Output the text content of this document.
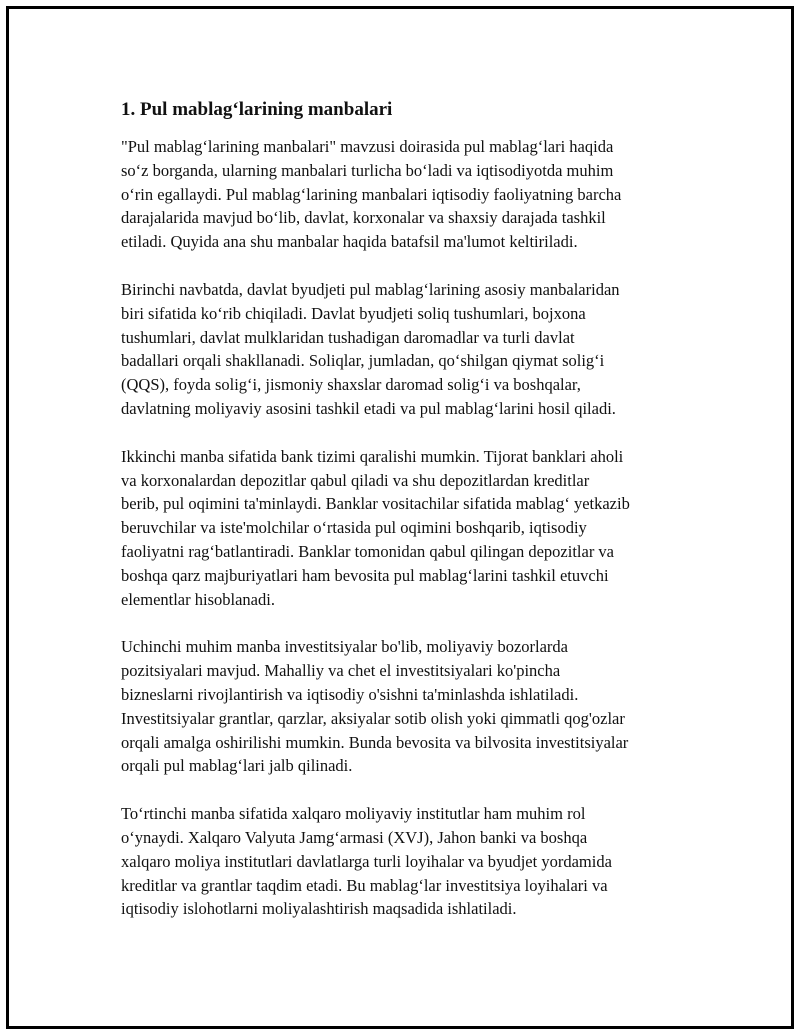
1. Pul mablag‘larining manbalari

"Pul mablag‘larining manbalari" mavzusi doirasida pul mablag‘lari haqida
so‘z borganda, ularning manbalari turlicha bo‘ladi va iqtisodiyotda muhim
o‘rin egallaydi. Pul mablag‘larining manbalari iqtisodiy faoliyatning barcha
darajalarida mavjud bo‘lib, davlat, korxonalar va shaxsiy darajada tashkil
etiladi. Quyida ana shu manbalar haqida batafsil ma'lumot keltiriladi.

Birinchi navbatda, davlat byudjeti pul mablag‘larining asosiy manbalaridan
biri sifatida ko‘rib chiqiladi. Davlat byudjeti soliq tushumlari, bojxona
tushumlari, davlat mulklaridan tushadigan daromadlar va turli davlat
badallari orqali shakllanadi. Soliqlar, jumladan, qo‘shilgan qiymat solig‘i
(QQS), foyda solig‘i, jismoniy shaxslar daromad solig‘i va boshqalar,
davlatning moliyaviy asosini tashkil etadi va pul mablag‘larini hosil qiladi.

Ikkinchi manba sifatida bank tizimi qaralishi mumkin. Tijorat banklari aholi
va korxonalardan depozitlar qabul qiladi va shu depozitlardan kreditlar
berib, pul oqimini ta'minlaydi. Banklar vositachilar sifatida mablag‘ yetkazib
beruvchilar va iste'molchilar o‘rtasida pul oqimini boshqarib, iqtisodiy
faoliyatni rag‘batlantiradi. Banklar tomonidan qabul qilingan depozitlar va
boshqa qarz majburiyatlari ham bevosita pul mablag‘larini tashkil etuvchi
elementlar hisoblanadi.

Uchinchi muhim manba investitsiyalar bo'lib, moliyaviy bozorlarda
pozitsiyalari mavjud. Mahalliy va chet el investitsiyalari ko'pincha
bizneslarni rivojlantirish va iqtisodiy o'sishni ta'minlashda ishlatiladi.
Investitsiyalar grantlar, qarzlar, aksiyalar sotib olish yoki qimmatli qog'ozlar
orqali amalga oshirilishi mumkin. Bunda bevosita va bilvosita investitsiyalar
orqali pul mablag‘lari jalb qilinadi.

To‘rtinchi manba sifatida xalqaro moliyaviy institutlar ham muhim rol
o‘ynaydi. Xalqaro Valyuta Jamg‘armasi (XVJ), Jahon banki va boshqa
xalqaro moliya institutlari davlatlarga turli loyihalar va byudjet yordamida
kreditlar va grantlar taqdim etadi. Bu mablag‘lar investitsiya loyihalari va
iqtisodiy islohotlarni moliyalashtirish maqsadida ishlatiladi.
